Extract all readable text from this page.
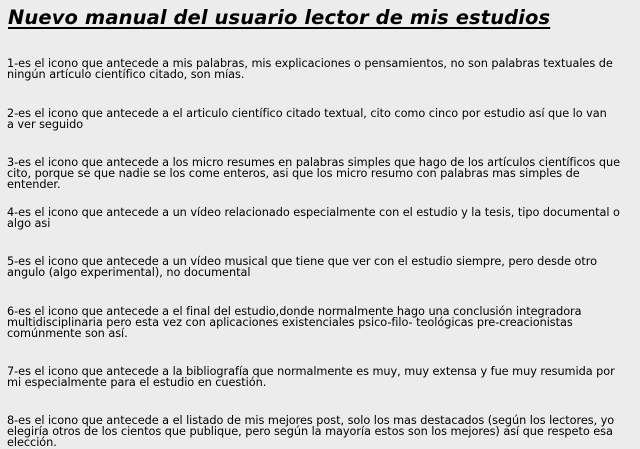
Nuevo manual del usuario lector de mis estudios
1-es el icono que antecede a mis palabras, mis explicaciones o pensamientos, no son palabras textuales de ningún artículo científico citado, son mías.
2-es el icono que antecede a el articulo científico citado textual, cito como cinco por estudio así que lo van a ver seguido
3-es el icono que antecede a los micro resumes en palabras simples que hago de los artículos científicos que cito, porque se que nadie se los come enteros, asi que los micro resumo con palabras mas simples de entender.
4-es el icono que antecede a un vídeo relacionado especialmente con el estudio y la tesis, tipo documental o algo asi
5-es el icono que antecede a un vídeo musical que tiene que ver con el estudio siempre, pero desde otro angulo (algo experimental), no documental
6-es el icono que antecede a el final del estudio,donde normalmente hago una conclusión integradora multidisciplinaria pero esta vez con aplicaciones existenciales psico-filo- teológicas pre-creacionistas comúnmente son así.
7-es el icono que antecede a la bibliografía que normalmente es muy, muy extensa y fue muy resumida por mi especialmente para el estudio en cuestión.
8-es el icono que antecede a el listado de mis mejores post, solo los mas destacados (según los lectores, yo elegiría otros de los cientos que publique, pero según la mayoría estos son los mejores) así que respeto esa elección.
